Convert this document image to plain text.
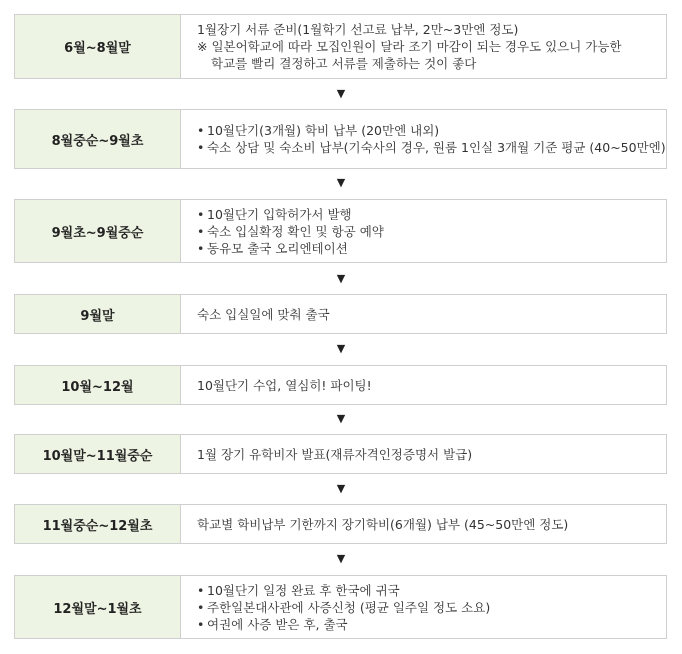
6월~8월말
1월장기 서류 준비(1월학기 선고료 납부, 2만~3만엔 정도)
※ 일본어학교에 따라 모집인원이 달라 조기 마감이 되는 경우도 있으니 가능한
학교를 빨리 결정하고 서류를 제출하는 것이 좋다
▼
8월중순~9월초
• 10월단기(3개월) 학비 납부 (20만엔 내외)
• 숙소 상담 및 숙소비 납부(기숙사의 경우, 원룸 1인실 3개월 기준 평균 (40~50만엔)
▼
9월초~9월중순
• 10월단기 입학허가서 발행
• 숙소 입실확정 확인 및 항공 예약
• 동유모 출국 오리엔테이션
▼
9월말	숙소 입실일에 맞춰 출국
▼
10월~12월	10월단기 수업, 열심히! 파이팅!
▼
10월말~11월중순	1월 장기 유학비자 발표(재류자격인정증명서 발급)
▼
11월중순~12월초	학교별 학비납부 기한까지 장기학비(6개월) 납부 (45~50만엔 정도)
▼
12월말~1월초
• 10월단기 일정 완료 후 한국에 귀국
• 주한일본대사관에 사증신청 (평균 일주일 정도 소요)
• 여권에 사증 받은 후, 출국
